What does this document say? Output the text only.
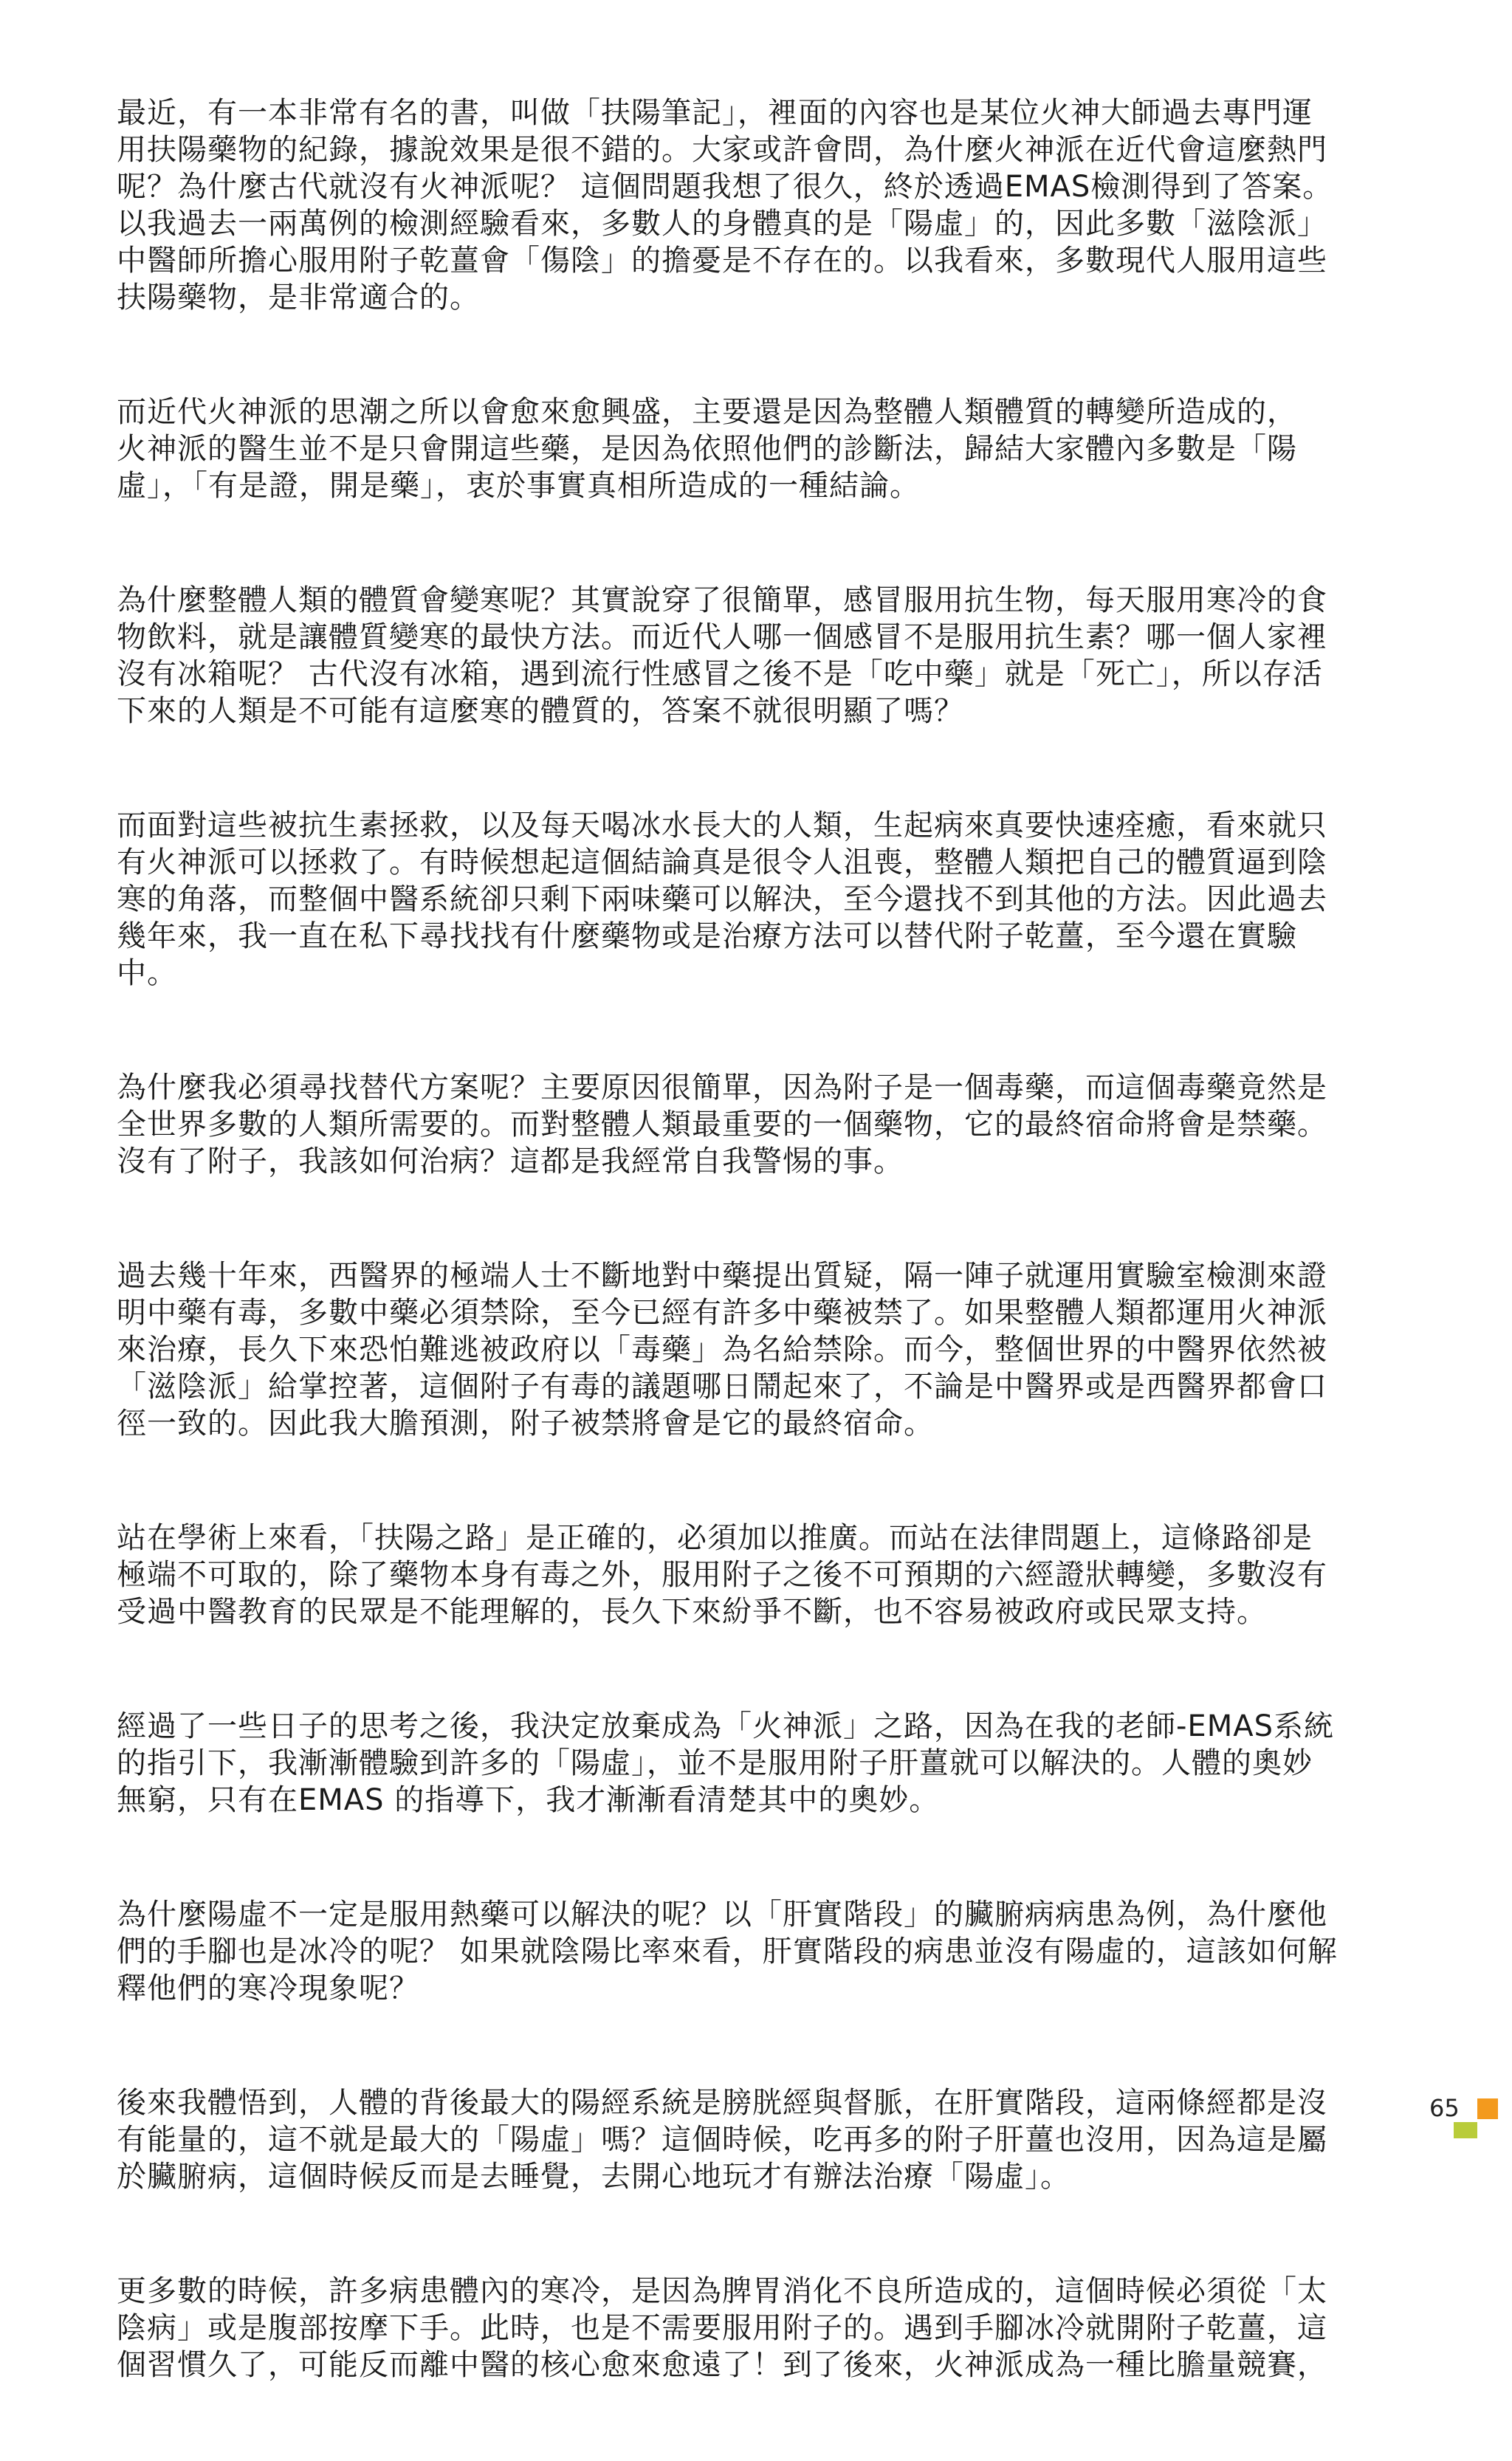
最近，有一本非常有名的書，叫做「扶陽筆記」，裡面的內容也是某位火神大師過去專門運
用扶陽藥物的紀錄，據說效果是很不錯的。大家或許會問，為什麼火神派在近代會這麼熱門
呢？為什麼古代就沒有火神派呢？ 這個問題我想了很久，終於透過EMAS檢測得到了答案。
以我過去一兩萬例的檢測經驗看來，多數人的身體真的是「陽虛」的，因此多數「滋陰派」
中醫師所擔心服用附子乾薑會「傷陰」的擔憂是不存在的。以我看來，多數現代人服用這些
扶陽藥物，是非常適合的。

而近代火神派的思潮之所以會愈來愈興盛，主要還是因為整體人類體質的轉變所造成的，
火神派的醫生並不是只會開這些藥，是因為依照他們的診斷法，歸結大家體內多數是「陽
虛」，「有是證，開是藥」，衷於事實真相所造成的一種結論。

為什麼整體人類的體質會變寒呢？其實說穿了很簡單，感冒服用抗生物，每天服用寒冷的食
物飲料，就是讓體質變寒的最快方法。而近代人哪一個感冒不是服用抗生素？哪一個人家裡
沒有冰箱呢？ 古代沒有冰箱，遇到流行性感冒之後不是「吃中藥」就是「死亡」，所以存活
下來的人類是不可能有這麼寒的體質的，答案不就很明顯了嗎？

而面對這些被抗生素拯救，以及每天喝冰水長大的人類，生起病來真要快速痊癒，看來就只
有火神派可以拯救了。有時候想起這個結論真是很令人沮喪，整體人類把自己的體質逼到陰
寒的角落，而整個中醫系統卻只剩下兩味藥可以解決，至今還找不到其他的方法。因此過去
幾年來，我一直在私下尋找找有什麼藥物或是治療方法可以替代附子乾薑，至今還在實驗
中。

為什麼我必須尋找替代方案呢？主要原因很簡單，因為附子是一個毒藥，而這個毒藥竟然是
全世界多數的人類所需要的。而對整體人類最重要的一個藥物，它的最終宿命將會是禁藥。
沒有了附子，我該如何治病？這都是我經常自我警惕的事。

過去幾十年來，西醫界的極端人士不斷地對中藥提出質疑，隔一陣子就運用實驗室檢測來證
明中藥有毒，多數中藥必須禁除，至今已經有許多中藥被禁了。如果整體人類都運用火神派
來治療，長久下來恐怕難逃被政府以「毒藥」為名給禁除。而今，整個世界的中醫界依然被
「滋陰派」給掌控著，這個附子有毒的議題哪日鬧起來了，不論是中醫界或是西醫界都會口
徑一致的。因此我大膽預測，附子被禁將會是它的最終宿命。

站在學術上來看，「扶陽之路」是正確的，必須加以推廣。而站在法律問題上，這條路卻是
極端不可取的，除了藥物本身有毒之外，服用附子之後不可預期的六經證狀轉變，多數沒有
受過中醫教育的民眾是不能理解的，長久下來紛爭不斷，也不容易被政府或民眾支持。

經過了一些日子的思考之後，我決定放棄成為「火神派」之路，因為在我的老師-EMAS系統
的指引下，我漸漸體驗到許多的「陽虛」，並不是服用附子肝薑就可以解決的。人體的奧妙
無窮，只有在EMAS 的指導下，我才漸漸看清楚其中的奧妙。

為什麼陽虛不一定是服用熱藥可以解決的呢？以「肝實階段」的臟腑病病患為例，為什麼他
們的手腳也是冰冷的呢？ 如果就陰陽比率來看，肝實階段的病患並沒有陽虛的，這該如何解
釋他們的寒冷現象呢？

後來我體悟到，人體的背後最大的陽經系統是膀胱經與督脈，在肝實階段，這兩條經都是沒
有能量的，這不就是最大的「陽虛」嗎？這個時候，吃再多的附子肝薑也沒用，因為這是屬
於臟腑病，這個時候反而是去睡覺，去開心地玩才有辦法治療「陽虛」。

更多數的時候，許多病患體內的寒冷，是因為脾胃消化不良所造成的，這個時候必須從「太
陰病」或是腹部按摩下手。此時，也是不需要服用附子的。遇到手腳冰冷就開附子乾薑，這
個習慣久了，可能反而離中醫的核心愈來愈遠了！到了後來，火神派成為一種比膽量競賽，

65
